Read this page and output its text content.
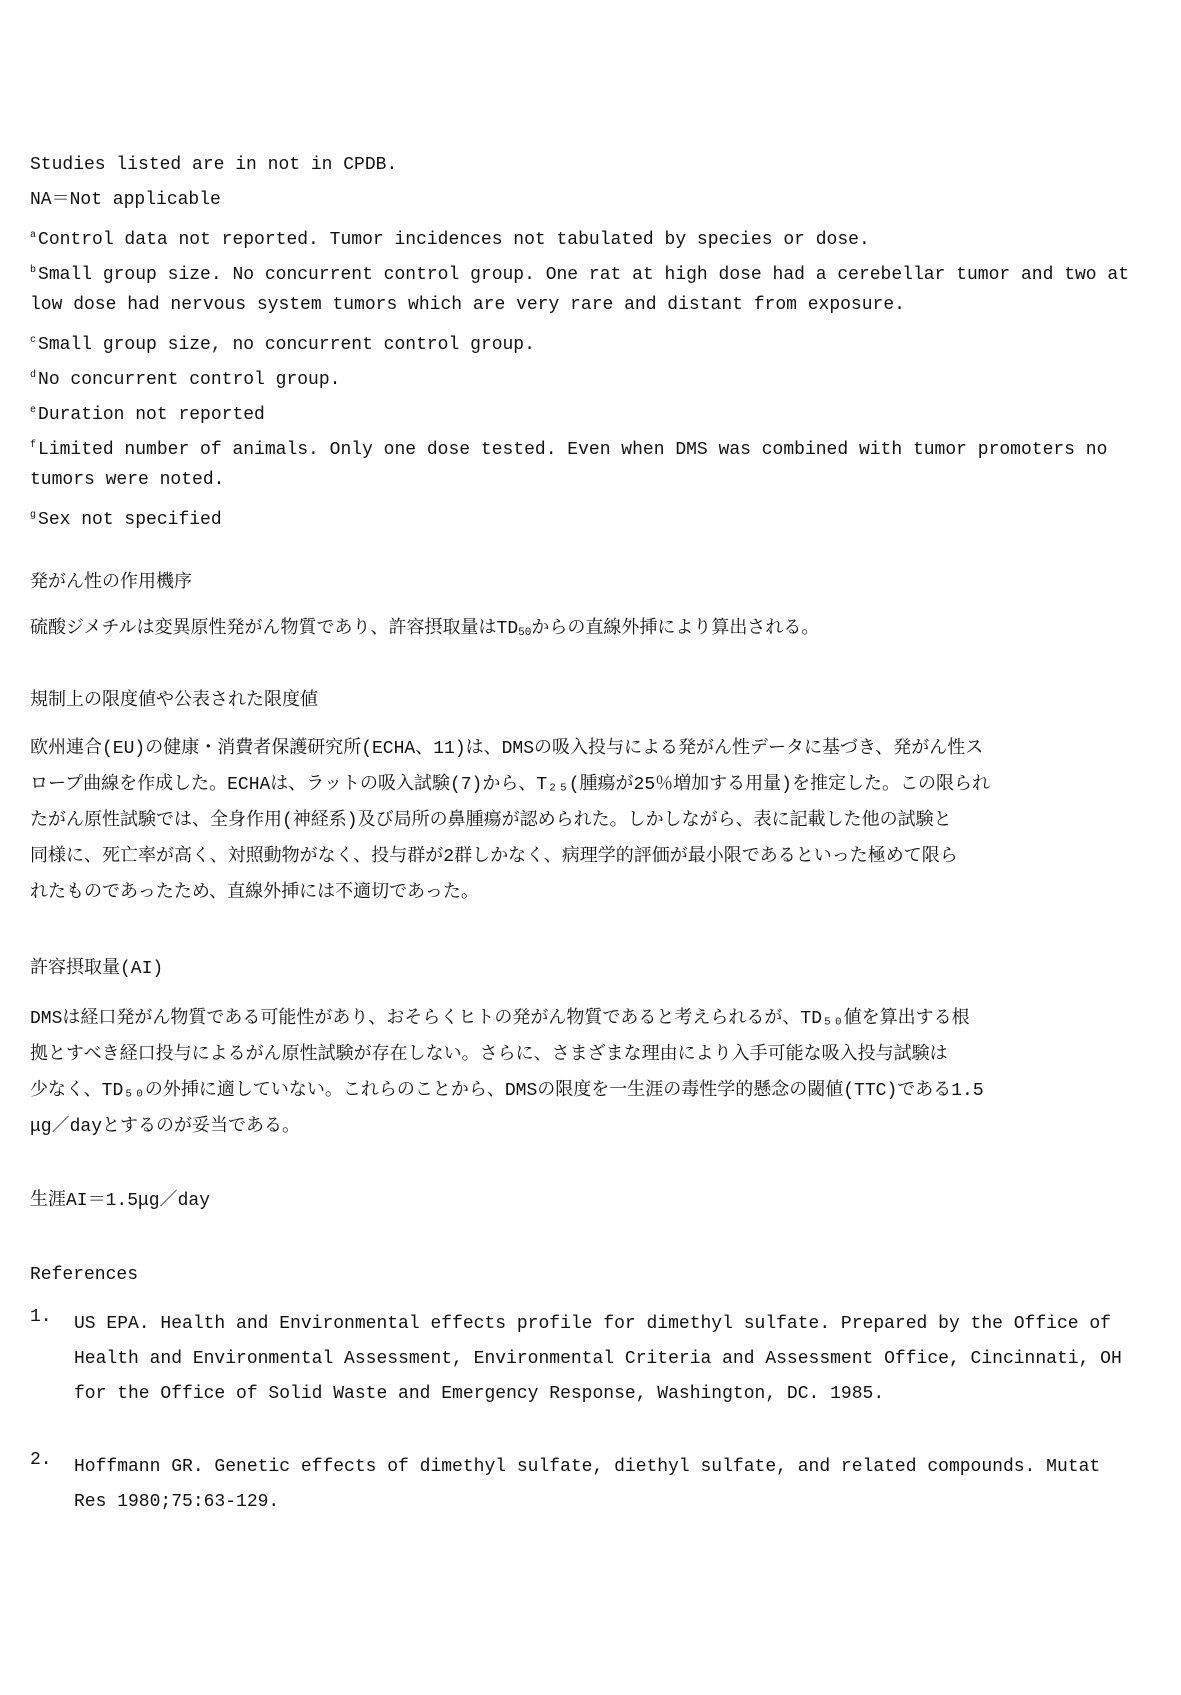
Studies listed are in not in CPDB.
NA＝Not applicable
$^a$ Control data not reported. Tumor incidences not tabulated by species or dose.
$^b$ Small group size. No concurrent control group. One rat at high dose had a cerebellar tumor and two at
low dose had nervous system tumors which are very rare and distant from exposure.
$^c$ Small group size, no concurrent control group.
$^d$ No concurrent control group.
$^e$ Duration not reported
$^f$ Limited number of animals. Only one dose tested. Even when DMS was combined with tumor promoters no
tumors were noted.
$^g$ Sex not specified
発がん性の作用機序
硫酸ジメチルは変異原性発がん物質であり、許容摂取量は$TD_{50}$からの直線外挿により算出される。
規制上の限度値や公表された限度値
欧州連合(EU)の健康・消費者保護研究所(ECHA、11)は、DMSの吸入投与による発がん性データに基づき、発がん性ス
ロープ曲線を作成した。ECHAは、ラットの吸入試験(7)から、T₂₅(腫瘍が25％増加する用量)を推定した。この限られ
たがん原性試験では、全身作用(神経系)及び局所の鼻腫瘍が認められた。しかしながら、表に記載した他の試験と
同様に、死亡率が高く、対照動物がなく、投与群が2群しかなく、病理学的評価が最小限であるといった極めて限ら
れたものであったため、直線外挿には不適切であった。
許容摂取量(AI)
DMSは経口発がん物質である可能性があり、おそらくヒトの発がん物質であると考えられるが、TD₅₀値を算出する根
拠とすべき経口投与によるがん原性試験が存在しない。さらに、さまざまな理由により入手可能な吸入投与試験は
少なく、TD₅₀の外挿に適していない。これらのことから、DMSの限度を一生涯の毒性学的懸念の閾値(TTC)である1.5
μg／dayとするのが妥当である。
生涯AI＝1.5μg／day
References
1. US EPA. Health and Environmental effects profile for dimethyl sulfate. Prepared by the Office of
Health and Environmental Assessment, Environmental Criteria and Assessment Office, Cincinnati, OH
for the Office of Solid Waste and Emergency Response, Washington, DC. 1985.
2. Hoffmann GR. Genetic effects of dimethyl sulfate, diethyl sulfate, and related compounds. Mutat
Res 1980;75:63-129.
